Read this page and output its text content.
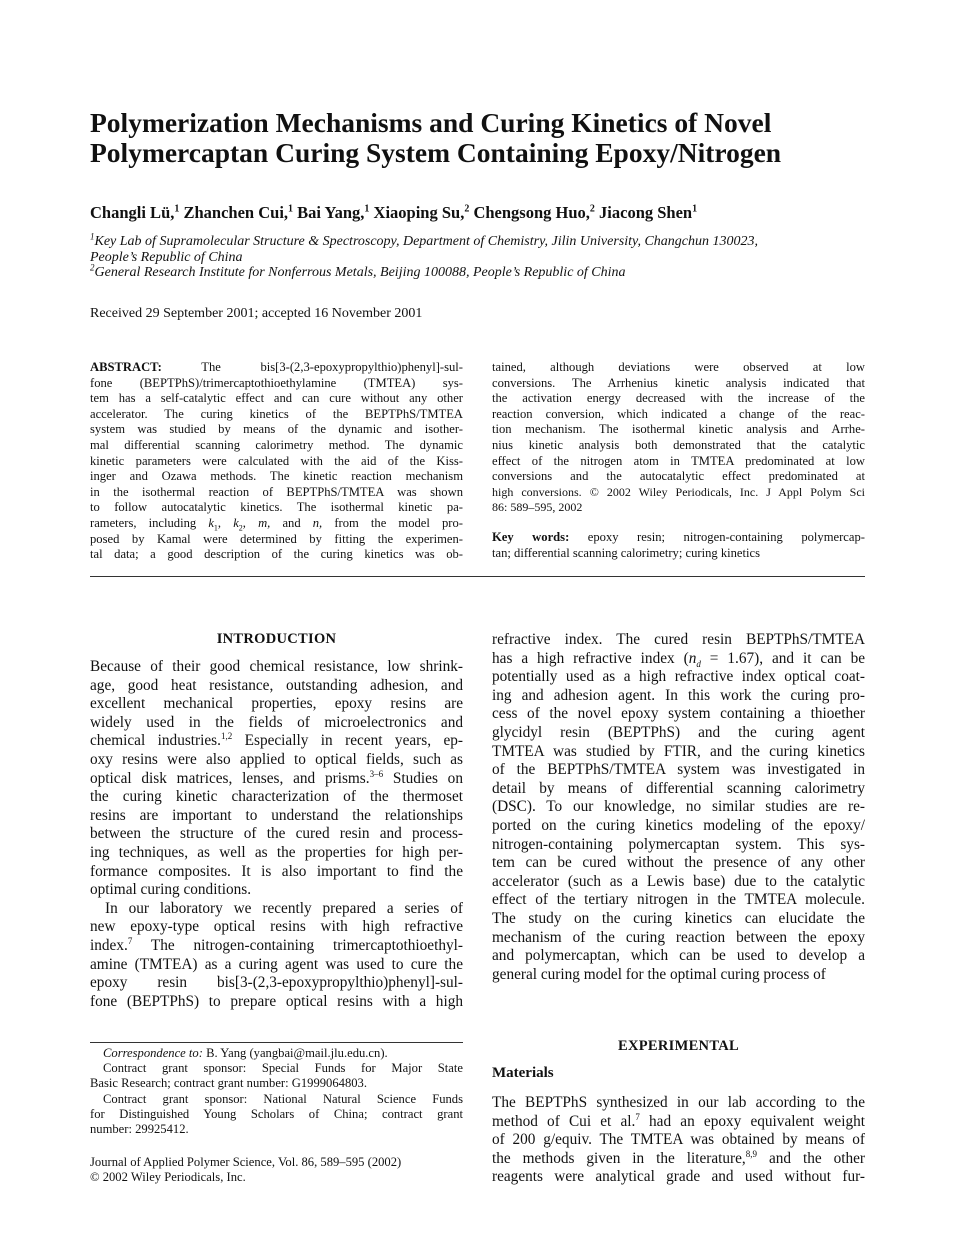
Polymerization Mechanisms and Curing Kinetics of Novel
Polymercaptan Curing System Containing Epoxy/Nitrogen
Changli Lü,$^1$ Zhanchen Cui,$^1$ Bai Yang,$^1$ Xiaoping Su,$^2$ Chengsong Huo,$^2$ Jiacong Shen$^1$
$^1$Key Lab of Supramolecular Structure & Spectroscopy, Department of Chemistry, Jilin University, Changchun 130023,
People’s Republic of China
$^2$General Research Institute for Nonferrous Metals, Beijing 100088, People’s Republic of China
Received 29 September 2001; accepted 16 November 2001
ABSTRACT:	The bis[3-(2,3-epoxypropylthio)phenyl]-sul-
fone (BEPTPhS)/trimercaptothioethylamine (TMTEA) sys-
tem has a self-catalytic effect and can cure without any other
accelerator. The curing kinetics of the BEPTPhS/TMTEA
system was studied by means of the dynamic and isother-
mal differential scanning calorimetry method. The dynamic
kinetic parameters were calculated with the aid of the Kiss-
inger and Ozawa methods. The kinetic reaction mechanism
in the isothermal reaction of BEPTPhS/TMTEA was shown
to follow autocatalytic kinetics. The isothermal kinetic pa-
rameters, including $k_1$, $k_2$, m, and n, from the model pro-
posed by Kamal were determined by fitting the experimen-
tal data; a good description of the curing kinetics was ob-
tained, although deviations were observed at low
conversions. The Arrhenius kinetic analysis indicated that
the activation energy decreased with the increase of the
reaction conversion, which indicated a change of the reac-
tion mechanism. The isothermal kinetic analysis and Arrhe-
nius kinetic analysis both demonstrated that the catalytic
effect of the nitrogen atom in TMTEA predominated at low
conversions and the autocatalytic effect predominated at
high conversions. © 2002 Wiley Periodicals, Inc. J Appl Polym Sci
86: 589–595, 2002
Key words: epoxy resin; nitrogen-containing polymercap-
tan; differential scanning calorimetry; curing kinetics
INTRODUCTION
Because of their good chemical resistance, low shrink-
age, good heat resistance, outstanding adhesion, and
excellent mechanical properties, epoxy resins are
widely used in the fields of microelectronics and
chemical industries.$^{1,2}$ Especially in recent years, ep-
oxy resins were also applied to optical fields, such as
optical disk matrices, lenses, and prisms.$^{3-6}$ Studies on
the curing kinetic characterization of the thermoset
resins are important to understand the relationships
between the structure of the cured resin and process-
ing techniques, as well as the properties for high per-
formance composites. It is also important to find the
optimal curing conditions.
In our laboratory we recently prepared a series of
new epoxy-type optical resins with high refractive
index.$^7$ The nitrogen-containing trimercaptothioethyl-
amine (TMTEA) as a curing agent was used to cure the
epoxy resin bis[3-(2,3-epoxypropylthio)phenyl]-sul-
fone (BEPTPhS) to prepare optical resins with a high
Correspondence to: B. Yang (yangbai@mail.jlu.edu.cn).
Contract grant sponsor: Special Funds for Major State
Basic Research; contract grant number: G1999064803.
Contract grant sponsor: National Natural Science Funds
for Distinguished Young Scholars of China; contract grant
number: 29925412.
Journal of Applied Polymer Science, Vol. 86, 589–595 (2002)
© 2002 Wiley Periodicals, Inc.
refractive index. The cured resin BEPTPhS/TMTEA
has a high refractive index $(n_d = 1.67)$, and it can be
potentially used as a high refractive index optical coat-
ing and adhesion agent. In this work the curing pro-
cess of the novel epoxy system containing a thioether
glycidyl resin (BEPTPhS) and the curing agent
TMTEA was studied by FTIR, and the curing kinetics
of the BEPTPhS/TMTEA system was investigated in
detail by means of differential scanning calorimetry
(DSC). To our knowledge, no similar studies are re-
ported on the curing kinetics modeling of the epoxy/
nitrogen-containing polymercaptan system. This sys-
tem can be cured without the presence of any other
accelerator (such as a Lewis base) due to the catalytic
effect of the tertiary nitrogen in the TMTEA molecule.
The study on the curing kinetics can elucidate the
mechanism of the curing reaction between the epoxy
and polymercaptan, which can be used to develop a
general curing model for the optimal curing process of
EXPERIMENTAL
Materials
The BEPTPhS synthesized in our lab according to the
method of Cui et al.$^7$ had an epoxy equivalent weight
of 200 g/equiv. The TMTEA was obtained by means of
the methods given in the literature,$^{8,9}$ and the other
reagents were analytical grade and used without fur-
